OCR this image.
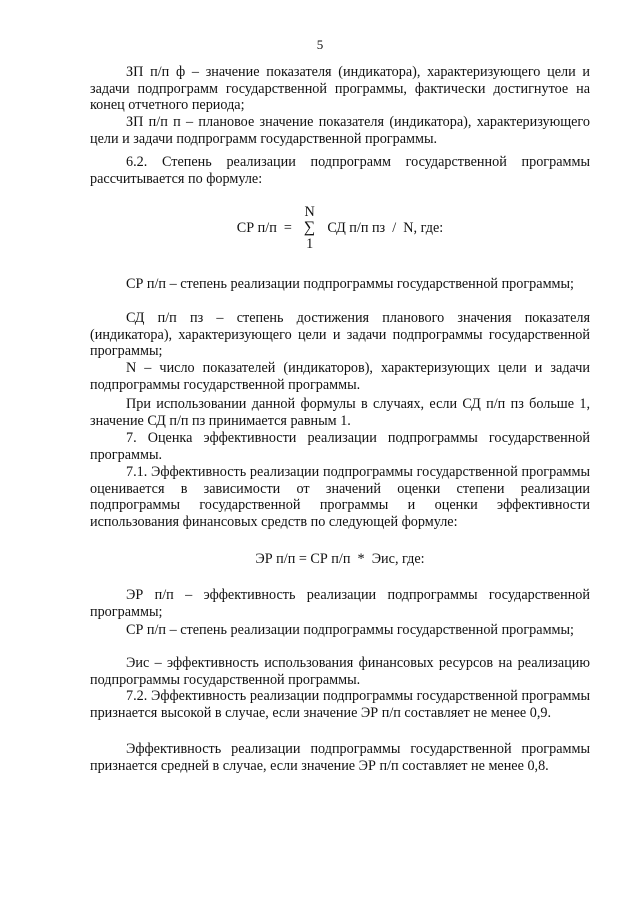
5
ЗП п/п ф – значение показателя (индикатора), характеризующего цели и задачи подпрограмм государственной программы, фактически достигнутое на конец отчетного периода;
ЗП п/п п – плановое значение показателя (индикатора), характеризующего цели и задачи подпрограмм государственной программы.
6.2. Степень реализации подпрограмм государственной программы рассчитывается по формуле:
СР п/п  =
N
∑
1
СД п/п пз  /  N, где:
СР п/п – степень реализации подпрограммы государственной программы;
СД п/п пз – степень достижения планового значения показателя (индикатора), характеризующего цели и задачи подпрограммы государственной программы;
N – число показателей (индикаторов), характеризующих цели и задачи подпрограммы государственной программы.
При использовании данной формулы в случаях, если СД п/п пз больше 1, значение СД п/п пз принимается равным 1.
7. Оценка эффективности реализации подпрограммы государственной программы.
7.1. Эффективность реализации подпрограммы государственной программы оценивается в зависимости от значений оценки степени реализации подпрограммы государственной программы и оценки эффективности использования финансовых средств по следующей формуле:
ЭР п/п = СР п/п  *  Эис, где:
ЭР п/п – эффективность реализации подпрограммы государственной программы;
СР п/п – степень реализации подпрограммы государственной программы;
Эис – эффективность использования финансовых ресурсов на реализацию подпрограммы государственной программы.
7.2. Эффективность реализации подпрограммы государственной программы признается высокой в случае, если значение ЭР п/п составляет не менее 0,9.
Эффективность реализации подпрограммы государственной программы признается средней в случае, если значение ЭР п/п составляет не менее 0,8.
